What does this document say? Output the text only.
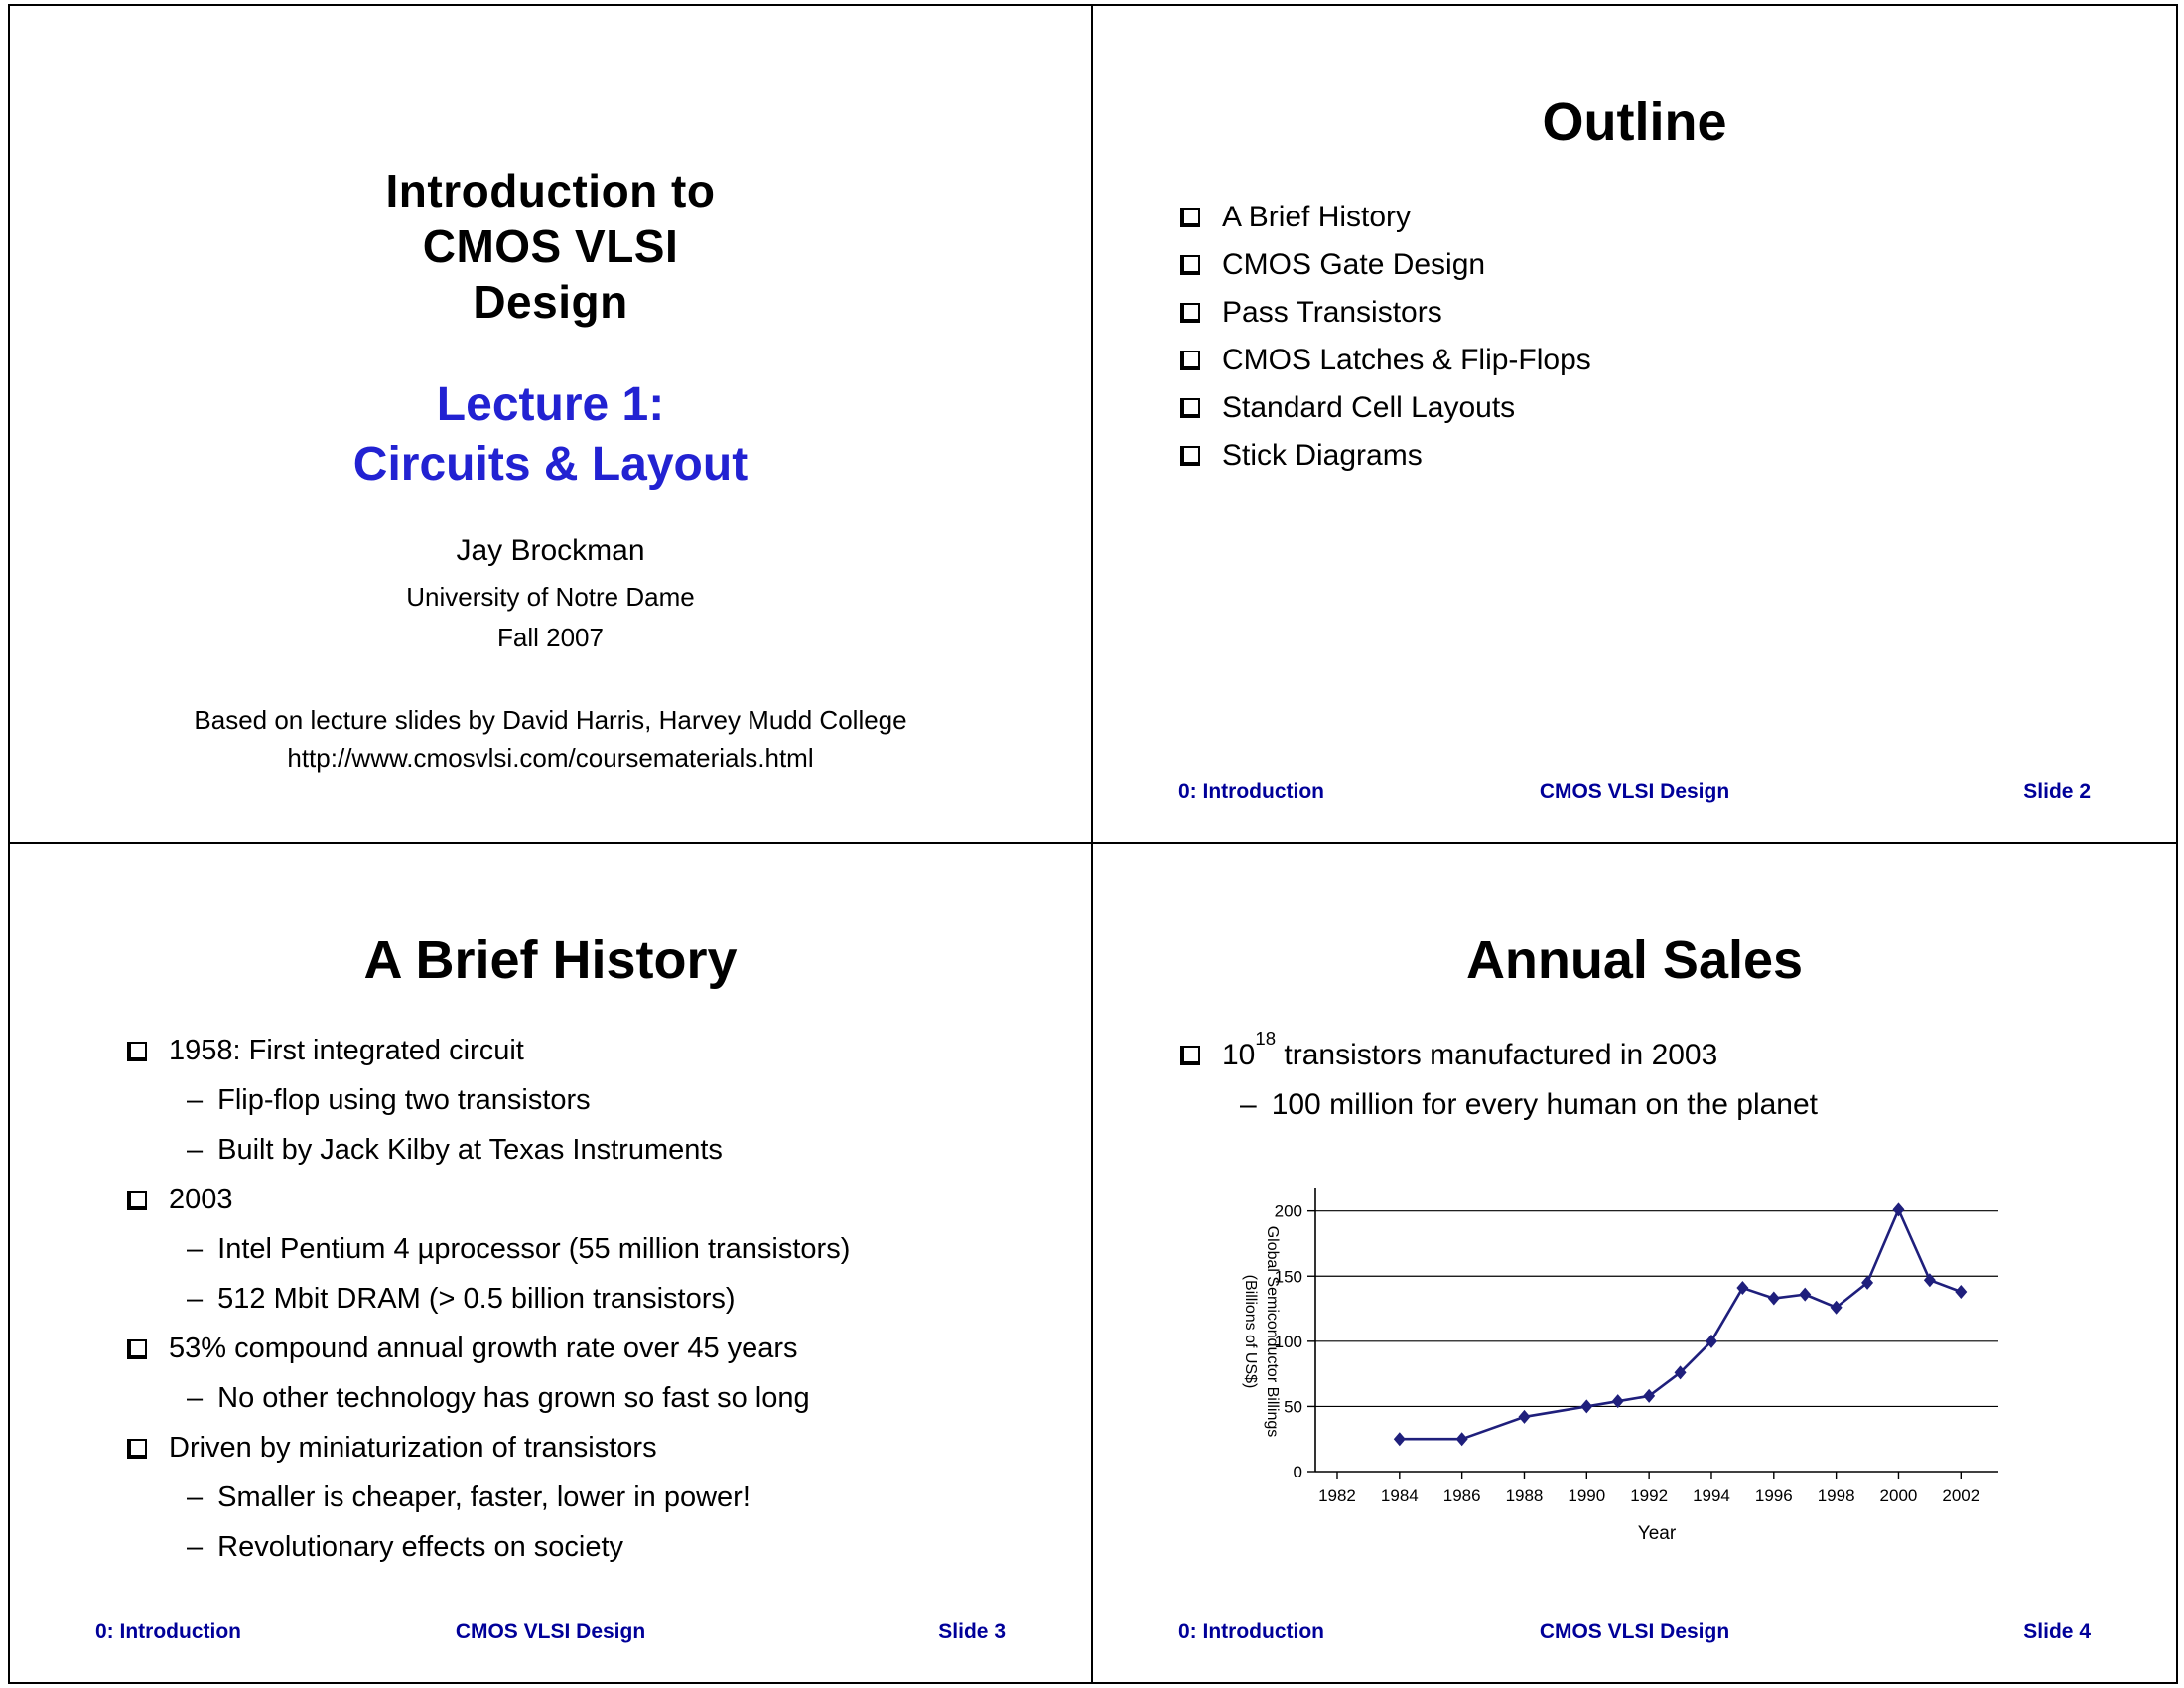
Introduction to
CMOS VLSI
Design
Lecture 1:
Circuits & Layout
Jay Brockman
University of Notre Dame
Fall 2007
Based on lecture slides by David Harris, Harvey Mudd College
http://www.cmosvlsi.com/coursematerials.html
Outline
A Brief History
CMOS Gate Design
Pass Transistors
CMOS Latches & Flip-Flops
Standard Cell Layouts
Stick Diagrams
0: Introduction	CMOS VLSI Design	Slide 2
A Brief History
1958: First integrated circuit
– Flip-flop using two transistors
– Built by Jack Kilby at Texas Instruments
2003
– Intel Pentium 4 µprocessor (55 million transistors)
– 512 Mbit DRAM (> 0.5 billion transistors)
53% compound annual growth rate over 45 years
– No other technology has grown so fast so long
Driven by miniaturization of transistors
– Smaller is cheaper, faster, lower in power!
– Revolutionary effects on society
0: Introduction	CMOS VLSI Design	Slide 3
Annual Sales
$10^{18}$ transistors manufactured in 2003
– 100 million for every human on the planet
0
50
100
150
200
1982 1984 1986 1988 1990 1992 1994 1996 1998 2000 2002
Global Semiconductor Billings
(Billions of US$)
Year
0: Introduction	CMOS VLSI Design	Slide 4
